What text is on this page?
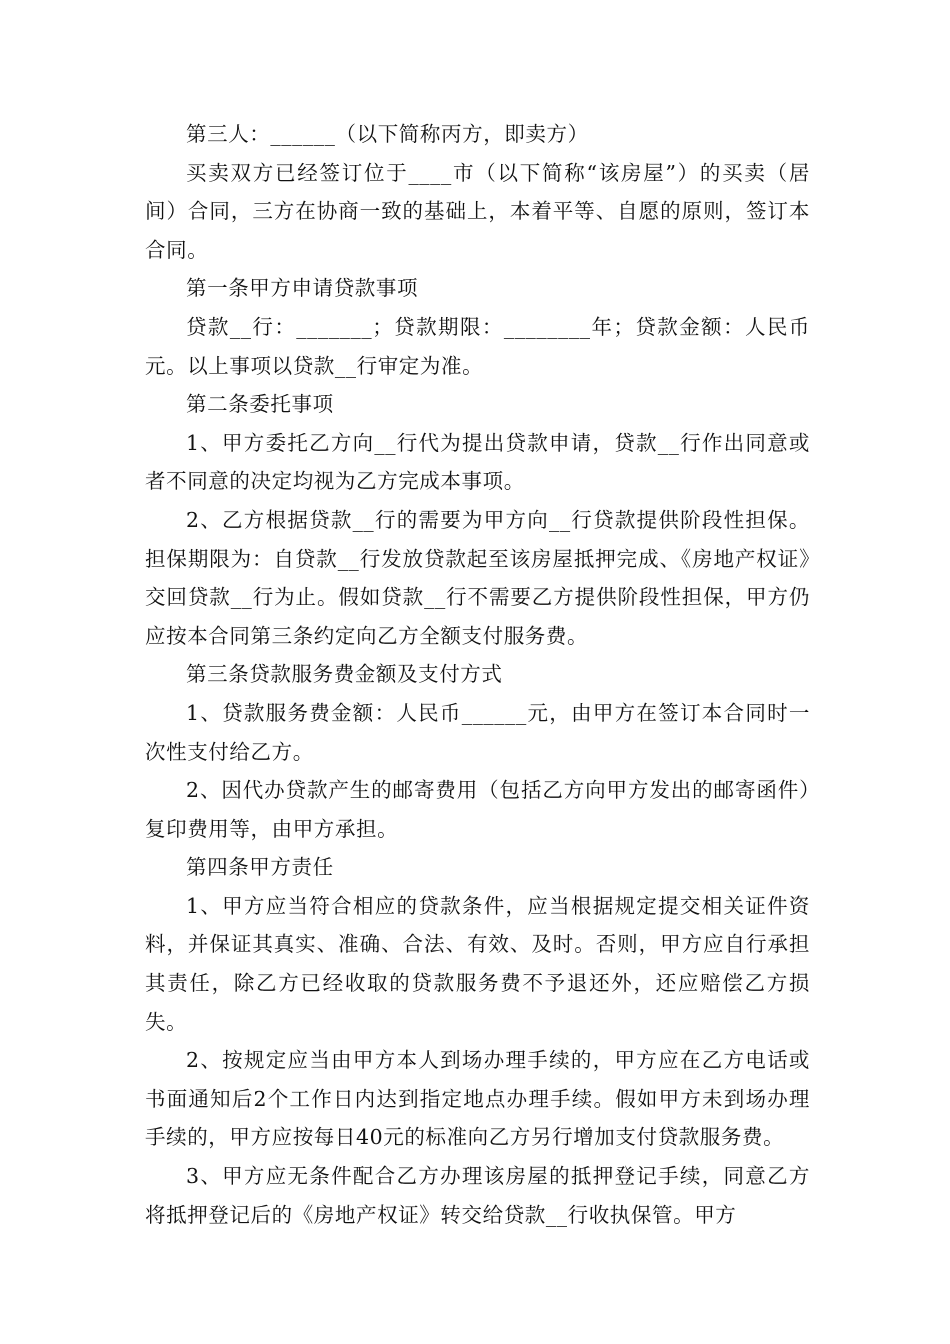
第三人：______（以下简称丙方，即卖方）

买卖双方已经签订位于____市（以下简称“该房屋”）的买卖（居间）合同，三方在协商一致的基础上，本着平等、自愿的原则，签订本合同。

第一条甲方申请贷款事项

贷款__行：_______；贷款期限：________年；贷款金额：人民币元。以上事项以贷款__行审定为准。

第二条委托事项

1、甲方委托乙方向__行代为提出贷款申请，贷款__行作出同意或者不同意的决定均视为乙方完成本事项。

2、乙方根据贷款__行的需要为甲方向__行贷款提供阶段性担保。担保期限为：自贷款__行发放贷款起至该房屋抵押完成、《房地产权证》交回贷款__行为止。假如贷款__行不需要乙方提供阶段性担保，甲方仍应按本合同第三条约定向乙方全额支付服务费。

第三条贷款服务费金额及支付方式

1、贷款服务费金额：人民币______元，由甲方在签订本合同时一次性支付给乙方。

2、因代办贷款产生的邮寄费用（包括乙方向甲方发出的邮寄函件）复印费用等，由甲方承担。

第四条甲方责任

1、甲方应当符合相应的贷款条件，应当根据规定提交相关证件资料，并保证其真实、准确、合法、有效、及时。否则，甲方应自行承担其责任，除乙方已经收取的贷款服务费不予退还外，还应赔偿乙方损失。

2、按规定应当由甲方本人到场办理手续的，甲方应在乙方电话或书面通知后2个工作日内达到指定地点办理手续。假如甲方未到场办理手续的，甲方应按每日40元的标准向乙方另行增加支付贷款服务费。

3、甲方应无条件配合乙方办理该房屋的抵押登记手续，同意乙方将抵押登记后的《房地产权证》转交给贷款__行收执保管。甲方
